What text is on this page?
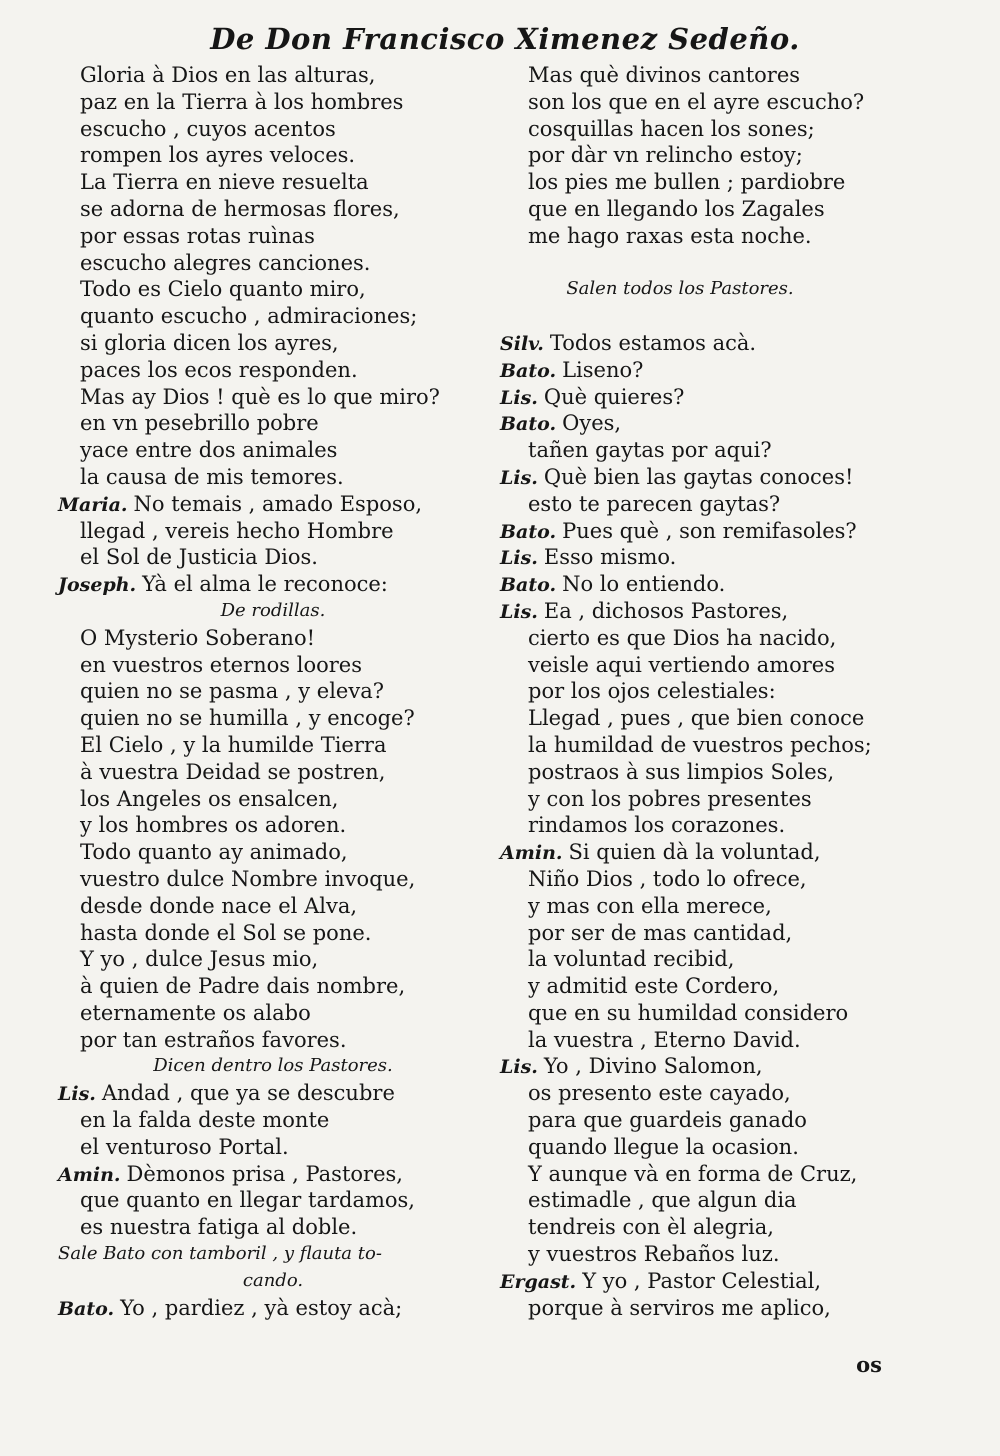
De Don Francisco Ximenez Sedeño.
Gloria à Dios en las alturas,
paz en la Tierra à los hombres
escucho , cuyos acentos
rompen los ayres veloces.
La Tierra en nieve resuelta
se adorna de hermosas flores,
por essas rotas ruìnas
escucho alegres canciones.
Todo es Cielo quanto miro,
quanto escucho , admiraciones;
si gloria dicen los ayres,
paces los ecos responden.
Mas ay Dios ! què es lo que miro?
en vn pesebrillo pobre
yace entre dos animales
la causa de mis temores.
Maria. No temais , amado Esposo,
llegad , vereis hecho Hombre
el Sol de Justicia Dios.
Joseph. Yà el alma le reconoce:
De rodillas.
O Mysterio Soberano!
en vuestros eternos loores
quien no se pasma , y eleva?
quien no se humilla , y encoge?
El Cielo , y la humilde Tierra
à vuestra Deidad se postren,
los Angeles os ensalcen,
y los hombres os adoren.
Todo quanto ay animado,
vuestro dulce Nombre invoque,
desde donde nace el Alva,
hasta donde el Sol se pone.
Y yo , dulce Jesus mio,
à quien de Padre dais nombre,
eternamente os alabo
por tan estraños favores.
Dicen dentro los Pastores.
Lis. Andad , que ya se descubre
en la falda deste monte
el venturoso Portal.
Amin. Dèmonos prisa , Pastores,
que quanto en llegar tardamos,
es nuestra fatiga al doble.
Sale Bato con tamboril , y flauta to-
cando.
Bato. Yo , pardiez , yà estoy acà;
Mas què divinos cantores
son los que en el ayre escucho?
cosquillas hacen los sones;
por dàr vn relincho estoy;
los pies me bullen ; pardiobre
que en llegando los Zagales
me hago raxas esta noche.
Salen todos los Pastores.
Silv. Todos estamos acà.
Bato. Liseno?
Lis. Què quieres?
Bato. Oyes,
tañen gaytas por aqui?
Lis. Què bien las gaytas conoces!
esto te parecen gaytas?
Bato. Pues què , son remifasoles?
Lis. Esso mismo.
Bato. No lo entiendo.
Lis. Ea , dichosos Pastores,
cierto es que Dios ha nacido,
veisle aqui vertiendo amores
por los ojos celestiales:
Llegad , pues , que bien conoce
la humildad de vuestros pechos;
postraos à sus limpios Soles,
y con los pobres presentes
rindamos los corazones.
Amin. Si quien dà la voluntad,
Niño Dios , todo lo ofrece,
y mas con ella merece,
por ser de mas cantidad,
la voluntad recibid,
y admitid este Cordero,
que en su humildad considero
la vuestra , Eterno David.
Lis. Yo , Divino Salomon,
os presento este cayado,
para que guardeis ganado
quando llegue la ocasion.
Y aunque và en forma de Cruz,
estimadle , que algun dia
tendreis con èl alegria,
y vuestros Rebaños luz.
Ergast. Y yo , Pastor Celestial,
porque à serviros me aplico,
os
